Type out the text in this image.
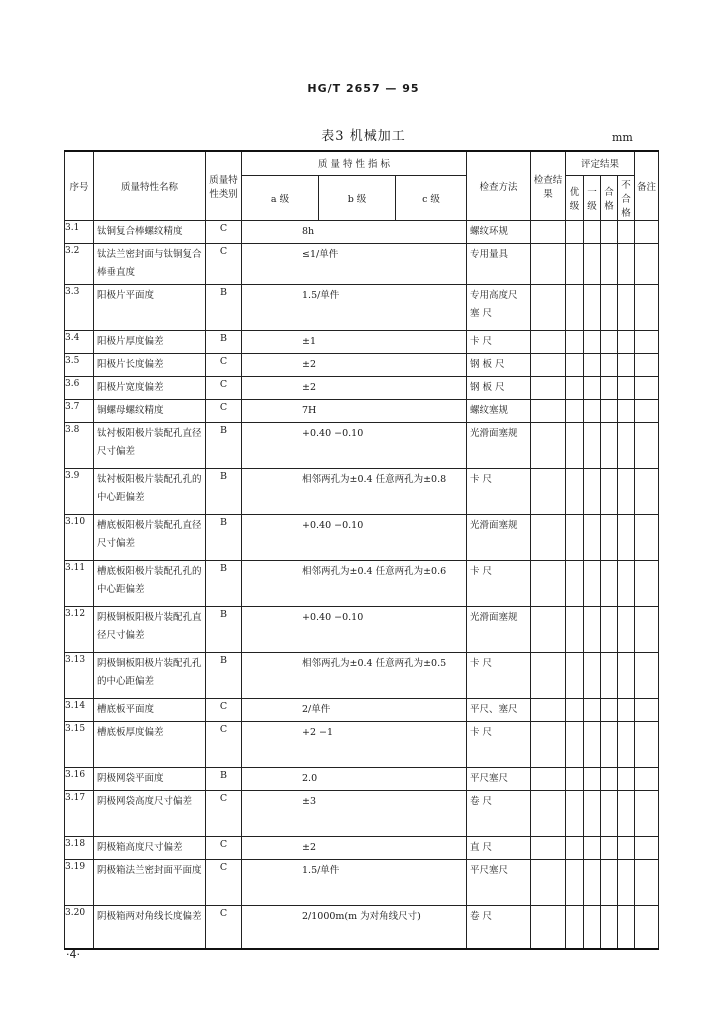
HG/T 2657 — 95
表3 机械加工	mm
序号	质量特性名称	质量特性类别	质 量 特 性 指 标			检查方法	检查结果	评定结果				备注
			a 级	b 级	c 级			优级	一级	合格	不合格	
3.1	钛铜复合棒螺纹精度	C	8h			螺纹环规						
3.2	钛法兰密封面与钛铜复合棒垂直度	C	≤1/单件			专用量具						
3.3	阳极片平面度	B	1.5/单件			专用高度尺 塞 尺						
3.4	阳极片厚度偏差	B	±1			卡 尺						
3.5	阳极片长度偏差	C	±2			钢 板 尺						
3.6	阳极片宽度偏差	C	±2			钢 板 尺						
3.7	铜螺母螺纹精度	C	7H			螺纹塞规						
3.8	钛衬板阳极片装配孔直径尺寸偏差	B	+0.40 −0.10			光滑面塞规						
3.9	钛衬板阳极片装配孔孔的中心距偏差	B	相邻两孔为±0.4 任意两孔为±0.8			卡 尺						
3.10	槽底板阳极片装配孔直径尺寸偏差	B	+0.40 −0.10			光滑面塞规						
3.11	槽底板阳极片装配孔孔的中心距偏差	B	相邻两孔为±0.4 任意两孔为±0.6			卡 尺						
3.12	阴极铜板阳极片装配孔直径尺寸偏差	B	+0.40 −0.10			光滑面塞规						
3.13	阴极铜板阳极片装配孔孔的中心距偏差	B	相邻两孔为±0.4 任意两孔为±0.5			卡 尺						
3.14	槽底板平面度	C	2/单件			平尺、塞尺						
3.15	槽底板厚度偏差	C	+2 −1			卡 尺						
3.16	阴极网袋平面度	B	2.0			平尺塞尺						
3.17	阴极网袋高度尺寸偏差	C	±3			卷 尺						
3.18	阴极箱高度尺寸偏差	C	±2			直 尺						
3.19	阴极箱法兰密封面平面度	C	1.5/单件			平尺塞尺						
3.20	阴极箱两对角线长度偏差	C	2/1000m(m 为对角线尺寸)			卷 尺						
·4·
